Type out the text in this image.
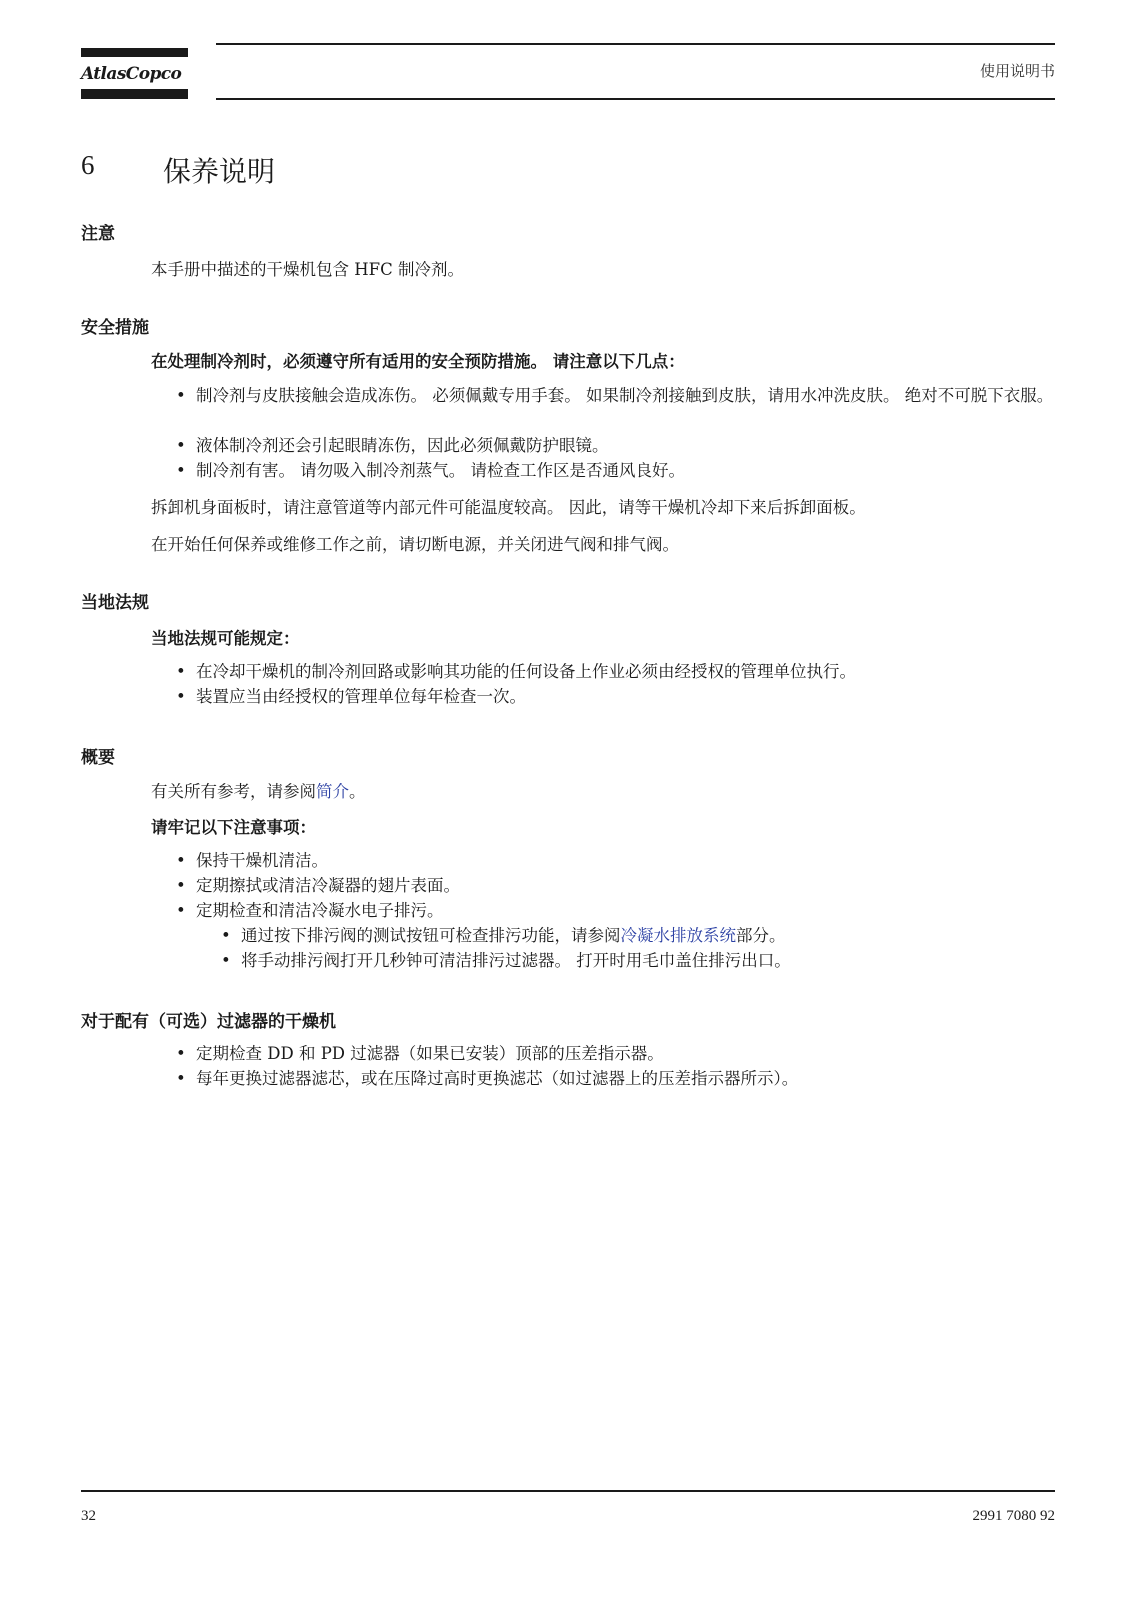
AtlasCopco	使用说明书
6 保养说明
注意
本手册中描述的干燥机包含 HFC 制冷剂。
安全措施
在处理制冷剂时，必须遵守所有适用的安全预防措施。 请注意以下几点：
• 制冷剂与皮肤接触会造成冻伤。 必须佩戴专用手套。 如果制冷剂接触到皮肤，请用水冲洗皮肤。 绝对不可脱下衣服。
• 液体制冷剂还会引起眼睛冻伤，因此必须佩戴防护眼镜。
• 制冷剂有害。 请勿吸入制冷剂蒸气。 请检查工作区是否通风良好。
拆卸机身面板时，请注意管道等内部元件可能温度较高。 因此，请等干燥机冷却下来后拆卸面板。
在开始任何保养或维修工作之前，请切断电源，并关闭进气阀和排气阀。
当地法规
当地法规可能规定：
• 在冷却干燥机的制冷剂回路或影响其功能的任何设备上作业必须由经授权的管理单位执行。
• 装置应当由经授权的管理单位每年检查一次。
概要
有关所有参考，请参阅简介。
请牢记以下注意事项：
• 保持干燥机清洁。
• 定期擦拭或清洁冷凝器的翅片表面。
• 定期检查和清洁冷凝水电子排污。
• 通过按下排污阀的测试按钮可检查排污功能，请参阅冷凝水排放系统部分。
• 将手动排污阀打开几秒钟可清洁排污过滤器。 打开时用毛巾盖住排污出口。
对于配有（可选）过滤器的干燥机
• 定期检查 DD 和 PD 过滤器（如果已安装）顶部的压差指示器。
• 每年更换过滤器滤芯，或在压降过高时更换滤芯（如过滤器上的压差指示器所示）。
32	2991 7080 92
